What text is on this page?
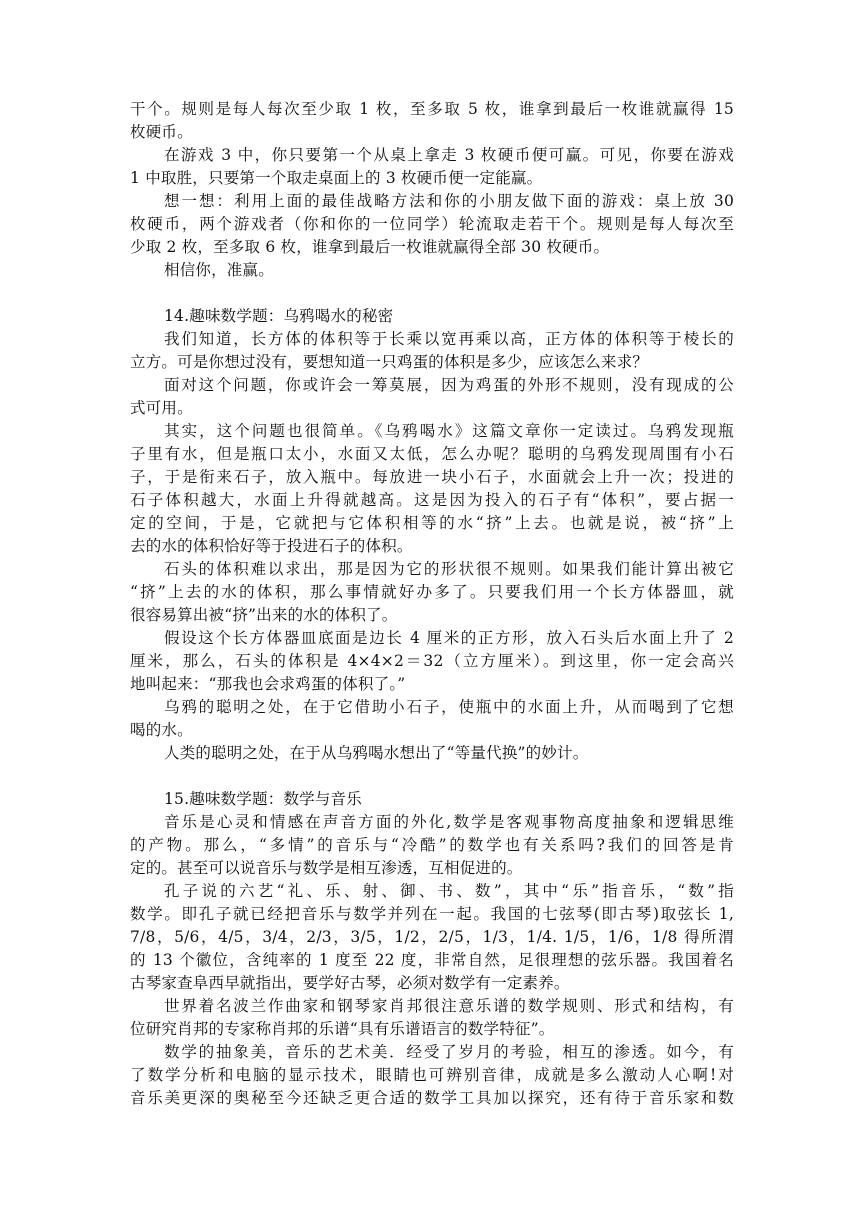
干个。规则是每人每次至少取 1 枚，至多取 5 枚，谁拿到最后一枚谁就赢得 15
枚硬币。
在游戏 3 中，你只要第一个从桌上拿走 3 枚硬币便可赢。可见，你要在游戏
1 中取胜，只要第一个取走桌面上的 3 枚硬币便一定能赢。
想一想：利用上面的最佳战略方法和你的小朋友做下面的游戏：桌上放 30
枚硬币，两个游戏者（你和你的一位同学）轮流取走若干个。规则是每人每次至
少取 2 枚，至多取 6 枚，谁拿到最后一枚谁就赢得全部 30 枚硬币。
相信你，准赢。
14.趣味数学题：乌鸦喝水的秘密
我们知道，长方体的体积等于长乘以宽再乘以高，正方体的体积等于棱长的
立方。可是你想过没有，要想知道一只鸡蛋的体积是多少，应该怎么来求？
面对这个问题，你或许会一筹莫展，因为鸡蛋的外形不规则，没有现成的公
式可用。
其实，这个问题也很简单。《乌鸦喝水》这篇文章你一定读过。乌鸦发现瓶
子里有水，但是瓶口太小，水面又太低，怎么办呢？聪明的乌鸦发现周围有小石
子，于是衔来石子，放入瓶中。每放进一块小石子，水面就会上升一次；投进的
石子体积越大，水面上升得就越高。这是因为投入的石子有“体积”，要占据一
定的空间，于是，它就把与它体积相等的水“挤”上去。也就是说，被“挤”上
去的水的体积恰好等于投进石子的体积。
石头的体积难以求出，那是因为它的形状很不规则。如果我们能计算出被它
“挤”上去的水的体积，那么事情就好办多了。只要我们用一个长方体器皿，就
很容易算出被“挤”出来的水的体积了。
假设这个长方体器皿底面是边长 4 厘米的正方形，放入石头后水面上升了 2
厘米，那么，石头的体积是 4×4×2＝32（立方厘米）。到这里，你一定会高兴
地叫起来：“那我也会求鸡蛋的体积了。”
乌鸦的聪明之处，在于它借助小石子，使瓶中的水面上升，从而喝到了它想
喝的水。
人类的聪明之处，在于从乌鸦喝水想出了“等量代换”的妙计。
15.趣味数学题：数学与音乐
音乐是心灵和情感在声音方面的外化,数学是客观事物高度抽象和逻辑思维
的产物。那么，“多情”的音乐与“冷酷”的数学也有关系吗?我们的回答是肯
定的。甚至可以说音乐与数学是相互渗透，互相促进的。
孔子说的六艺“礼、乐、射、御、书、数”，其中“乐”指音乐，“数”指
数学。即孔子就已经把音乐与数学并列在一起。我国的七弦琴(即古琴)取弦长 1,
7/8，5/6，4/5，3/4，2/3，3/5，1/2，2/5，1/3，1/4. 1/5，1/6，1/8 得所渭
的 13 个徽位，含纯率的 1 度至 22 度，非常自然，足很理想的弦乐器。我国着名
古琴家查阜西早就指出，要学好古琴，必须对数学有一定素养。
世界着名波兰作曲家和钢琴家肖邦很注意乐谱的数学规则、形式和结构，有
位研究肖邦的专家称肖邦的乐谱“具有乐谱语言的数学特征”。
数学的抽象美，音乐的艺术美．经受了岁月的考验，相互的渗透。如今，有
了数学分析和电脑的显示技术，眼睛也可辨别音律，成就是多么激动人心啊!对
音乐美更深的奥秘至今还缺乏更合适的数学工具加以探究，还有待于音乐家和数
